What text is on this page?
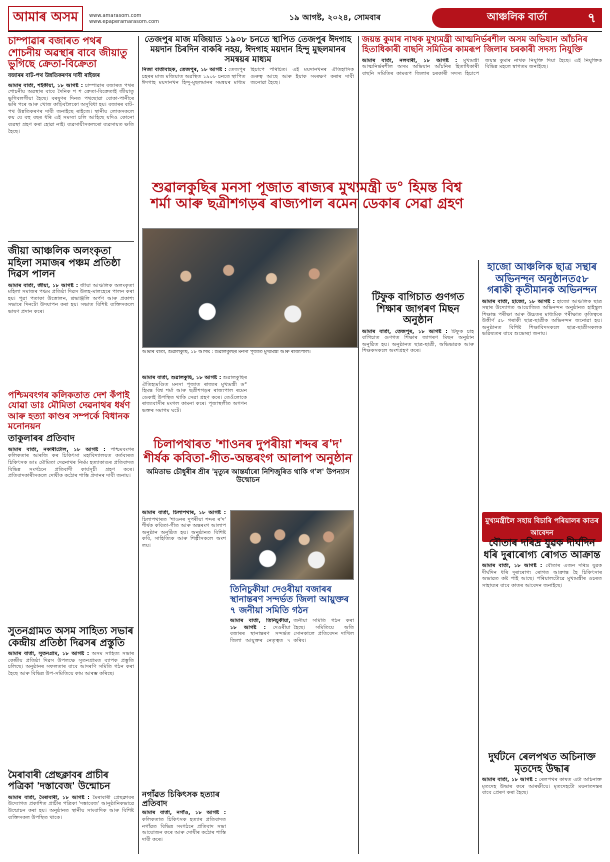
আমাৰ অসম	www.amarasom.com
www.epaperamarasom.com	১৯ আগষ্ট, ২০২৪, সোমবাৰ	আঞ্চলিক বাৰ্তা	৭
চাম্পাৱাৰ বজাৰত পথৰ শোচনীয় অৱস্থাৰ বাবে জীয়াতু ভুগিছে ক্ৰেতা-বিক্ৰেতা
বজাৰৰ বাট-পথ উন্নতিকৰণৰ দাবী ৰাইজৰ
আমাৰ বাৰ্তা, শইকীয়া, ১৮ আগষ্ট : চাম্পাৱাৰ বজাৰত পথৰ শোচনীয় অৱস্থাৰ বাবে দৈনিক শ শ ক্ৰেতা-বিক্ৰেতাই জীয়াতু ভুগিবলগীয়া হৈছে। বৰষুণৰ দিনত পথছোৱা বোকা-পানীৰে ভৰি পৰে আৰু খোজ কাঢ়িবলৈকো অসুবিধা হয়। বজাৰৰ বাট-পথ উন্নতিকৰণৰ দাবী জনাইছে ৰাইজে। স্থানীয় লোকসকলে কয় যে বহু বছৰ ধৰি এই সমস্যা চলি আহিছে যদিও কোনো ব্যৱস্থা গ্ৰহণ কৰা হোৱা নাই। ব্যৱসায়ীসকলৰো ব্যৱসায়ত ক্ষতি হৈছে।
জীয়া আঞ্চলিক অলংকৃতা মহিলা সমাজৰ পঞ্চম প্ৰতিষ্ঠা দিৱস পালন
আমাৰ বাৰ্তা, জীয়া, ১৮ আগষ্ট : জীয়া আঞ্চলিক অলংকৃতা মহিলা সমাজৰ পঞ্চম প্ৰতিষ্ঠা দিৱস উলহ-মালহেৰে পালন কৰা হয়। পুৱা পতাকা উত্তোলন, শ্ৰদ্ধাঞ্জলি অৰ্পণ আৰু প্ৰকাশ্য সভাৰে দিনটো উদযাপন কৰা হয়। সভাত বিশিষ্ট ব্যক্তিসকলে ভাষণ প্ৰদান কৰে।
পশ্চিমবংগৰ কলিকতাত দেশ কঁপাই যোৱা ডাঃ মৌমিতা দেৱনাথৰ ধৰ্ষণ আৰু হত্যা কাণ্ডৰ সম্পৰ্কে বিধানক মনোনয়ন
তাকুলাৰৰ প্ৰতিবাদ
আমাৰ বাৰ্তা, নকাৰীটোল, ১৮ আগষ্ট : পশ্চিমবংগৰ কলিকতাৰ আৰজি কৰ চিকিৎসা মহাবিদ্যালয়ত কৰ্তব্যৰত চিকিৎসক ডাঃ মৌমিতা দেৱনাথৰ নিৰ্মম হত্যাকাণ্ডৰ প্ৰতিবাদত বিভিন্ন সংগঠনে প্ৰতিবাদী কাৰ্যসূচী গ্ৰহণ কৰে। প্ৰতিবাদকাৰীসকলে দোষীক কঠোৰ শাস্তি প্ৰদানৰ দাবী জনায়।
সুতনগ্ৰামত অসম সাহিত্য সভাৰ কেন্দ্ৰীয় প্ৰতিষ্ঠা দিৱসৰ প্ৰস্তুতি
আমাৰ বাৰ্তা, সুতনগ্ৰাম, ১৮ আগষ্ট : অসম সাহিত্য সভাৰ কেন্দ্ৰীয় প্ৰতিষ্ঠা দিৱস উপলক্ষে সুতনগ্ৰামত ব্যাপক প্ৰস্তুতি চলিছে। অনুষ্ঠানৰ সফলতাৰ বাবে আদৰণি সমিতি গঠন কৰা হৈছে আৰু বিভিন্ন উপ-সমিতিয়ে কাম আৰম্ভ কৰিছে।
মৈৰাবাৰী প্ৰেছক্লাবৰ প্ৰাচীৰ পত্ৰিকা 'দস্তাবেজ' উন্মোচন
আমাৰ বাৰ্তা, মৈৰাবাৰী, ১৮ আগষ্ট : মৈৰাবাৰী প্ৰেছক্লাবৰ উদ্যোগত প্ৰকাশিত প্ৰাচীৰ পত্ৰিকা 'দস্তাবেজ' আনুষ্ঠানিকভাৱে উন্মোচন কৰা হয়। অনুষ্ঠানত স্থানীয় সাংবাদিক আৰু বিশিষ্ট ব্যক্তিসকল উপস্থিত থাকে।
তেজপুৰ মাজ মজিয়াত ১৯০৮ চনতে স্থাপিত তেজপুৰ ঈদগাহ ময়দান চিৰদিন বাকৰি নহয়, ঈদগাহ ময়দান হিন্দু মুছলমানৰ সমন্বয়ৰ মাধ্যম
নিজা বাৰ্তাবাহক, তেজপুৰ, ১৮ আগষ্ট : তেজপুৰ চহৰৰ মাজ মজিয়াত অৱস্থিত ১৯০৮ চনতে স্থাপিত ঈদগাহ ময়দানখন হিন্দু-মুছলমানৰ সমন্বয়ৰ মাধ্যম হিচাপে পৰিচিত। এই ময়দানখনৰ ঐতিহাসিক গুৰুত্ব আছে আৰু ইয়াক সংৰক্ষণ কৰাৰ দাবী জনোৱা হৈছে।
শুৱালকুছিৰ মনসা পূজাত ৰাজ্যৰ মুখ্যমন্ত্ৰী ড° হিমন্ত বিশ্ব শৰ্মা আৰু ছত্ৰীশগড়ৰ ৰাজ্যপাল ৰমেন ডেকাৰ সেৱা গ্ৰহণ
আমাৰ বাৰ্তা, শুৱালকুছি, ১৮ আগষ্ট : শুৱালকুছিৰ মনসা পূজাত মুখ্যমন্ত্ৰী আৰু ৰাজ্যপাল।
আমাৰ বাৰ্তা, শুৱালকুছি, ১৮ আগষ্ট : শুৱালকুছিৰ ঐতিহ্যমণ্ডিত মনসা পূজাত ৰাজ্যৰ মুখ্যমন্ত্ৰী ড° হিমন্ত বিশ্ব শৰ্মা আৰু ছত্ৰীশগড়ৰ ৰাজ্যপাল ৰমেন ডেকাই উপস্থিত থাকি সেৱা গ্ৰহণ কৰে। তেওঁলোকে ৰাজ্যবাসীৰ মংগল কামনা কৰে। পূজাস্থলীত অগণন ভক্তৰ সমাগম ঘটে।
চিলাপথাৰত 'শাওনৰ দুপৰীয়া শব্দৰ ৰ'দ' শীৰ্ষক কবিতা-গীত-অন্তৰংগ আলাপ অনুষ্ঠান
অমিতাভ চৌধুৰীৰ শ্ৰীৰ 'মৃত্যুৰ আন্তৰ্যাৰো নিশিজুৰিত থাকি গ'ল' উপন্যাস উন্মোচন
আমাৰ বাৰ্তা, চিলাপথাৰ, ১৮ আগষ্ট : চিলাপথাৰত 'শাওনৰ দুপৰীয়া শব্দৰ ৰ'দ' শীৰ্ষক কবিতা-গীত আৰু অন্তৰংগ আলাপ অনুষ্ঠান অনুষ্ঠিত হয়। অনুষ্ঠানত বিশিষ্ট কবি, সাহিত্যিক আৰু শিল্পীসকলে অংশ লয়।
তিনিচুকীয়া দেওৰীয়া বজাৰৰ স্থানান্তৰণ সন্দৰ্ভত জিলা আয়ুক্তৰ ৭ জনীয়া সমিতি গঠন
আমাৰ বাৰ্তা, তিনিচুকীয়া, ১৮ আগষ্ট : দেওৰীয়া বজাৰৰ স্থানান্তৰণ সন্দৰ্ভত জিলা আয়ুক্তৰ নেতৃত্বত ৭ জনীয়া সমিতি গঠন কৰা হৈছে। সমিতিয়ে অতি সোনকালে প্ৰতিবেদন দাখিল কৰিব।
নগাঁৱত চিকিৎসক হত্যাৰ প্ৰতিবাদ
আমাৰ বাৰ্তা, নগাঁও, ১৮ আগষ্ট : কলিকতাত চিকিৎসক হত্যাৰ প্ৰতিবাদত নগাঁৱত বিভিন্ন সংগঠনে প্ৰতিবাদ সভা আয়োজন কৰে আৰু দোষীৰ কঠোৰ শাস্তি দাবী কৰে।
জয়ন্ত কুমাৰ নাথক মুখ্যমন্ত্ৰী আত্মনিৰ্ভৰশীল অসম অভিযান আঁচনিৰ হিতাধিকাৰী বাছনি সমিতিৰ কামৰূপ জিলাৰ চৰকাৰী সদস্য নিযুক্তি
আমাৰ বাৰ্তা, নলবাৰী, ১৮ আগষ্ট : মুখ্যমন্ত্ৰী আত্মনিৰ্ভৰশীল অসম অভিযান আঁচনিৰ হিতাধিকাৰী বাছনি সমিতিৰ কামৰূপ জিলাৰ চৰকাৰী সদস্য হিচাপে জয়ন্ত কুমাৰ নাথক নিযুক্তি দিয়া হৈছে। এই নিযুক্তিক বিভিন্ন মহলে স্বাগতম জনাইছে।
টিফুক বাগিচাত গুণগত শিক্ষাৰ জাগৰণ মিছন অনুষ্ঠান
আমাৰ বাৰ্তা, তেজপুৰ, ১৮ আগষ্ট : টিফুক চাহ বাগিচাত গুণগত শিক্ষাৰ জাগৰণ মিছন অনুষ্ঠান অনুষ্ঠিত হয়। অনুষ্ঠানত ছাত্ৰ-ছাত্ৰী, অভিভাৱক আৰু শিক্ষকসকলে অংশগ্ৰহণ কৰে।
হাজো আঞ্চলিক ছাত্ৰ সন্থাৰ অভিনন্দন অনুষ্ঠানত৫৮ গৰাকী কৃতীমানক অভিনন্দন
আমাৰ বাৰ্তা, হাজো, ১৮ আগষ্ট : হাজো আঞ্চলিক ছাত্ৰ সন্থাৰ উদ্যোগত আয়োজিত অভিনন্দন অনুষ্ঠানত হাইস্কুল শিক্ষান্ত পৰীক্ষা আৰু উচ্চতৰ মাধ্যমিক পৰীক্ষাত কৃতিত্বৰে উত্তীৰ্ণ ৫৮ গৰাকী ছাত্ৰ-ছাত্ৰীক অভিনন্দন জনোৱা হয়। অনুষ্ঠানত বিশিষ্ট শিক্ষাবিদসকলে ছাত্ৰ-ছাত্ৰীসকলক ভৱিষ্যতৰ বাবে শুভেচ্ছা জনায়।
মুখ্যমন্ত্ৰীলৈ সহায় বিচাৰি পৰিয়ালৰ কাতৰ আবেদন
বৌতাৰ দৰিদ্ৰ যুৱক দীৰ্ঘদিন ধৰি দুৰাৰোগ্য ৰোগত আক্ৰান্ত
আমাৰ বাৰ্তা, ১৮ আগষ্ট : বৌতাৰ এজন দৰিদ্ৰ যুৱক দীৰ্ঘদিন ধৰি দুৰাৰোগ্য ৰোগত আক্ৰান্ত হৈ চিকিৎসাৰ অভাৱত কষ্ট পাই আছে। পৰিয়ালটোৱে মুখ্যমন্ত্ৰীৰ ওচৰত সাহায্যৰ বাবে কাতৰ আবেদন জনাইছে।
দুৰ্ঘটনে ৰেলপথত অচিনাক্ত মৃতদেহ উদ্ধাৰ
আমাৰ বাৰ্তা, ১৮ আগষ্ট : ৰেলপথৰ কাষত এটা অচিনাক্ত মৃতদেহ উদ্ধাৰ কৰে আৰক্ষীয়ে। মৃতদেহটো ময়নাতদন্তৰ বাবে প্ৰেৰণ কৰা হৈছে।
